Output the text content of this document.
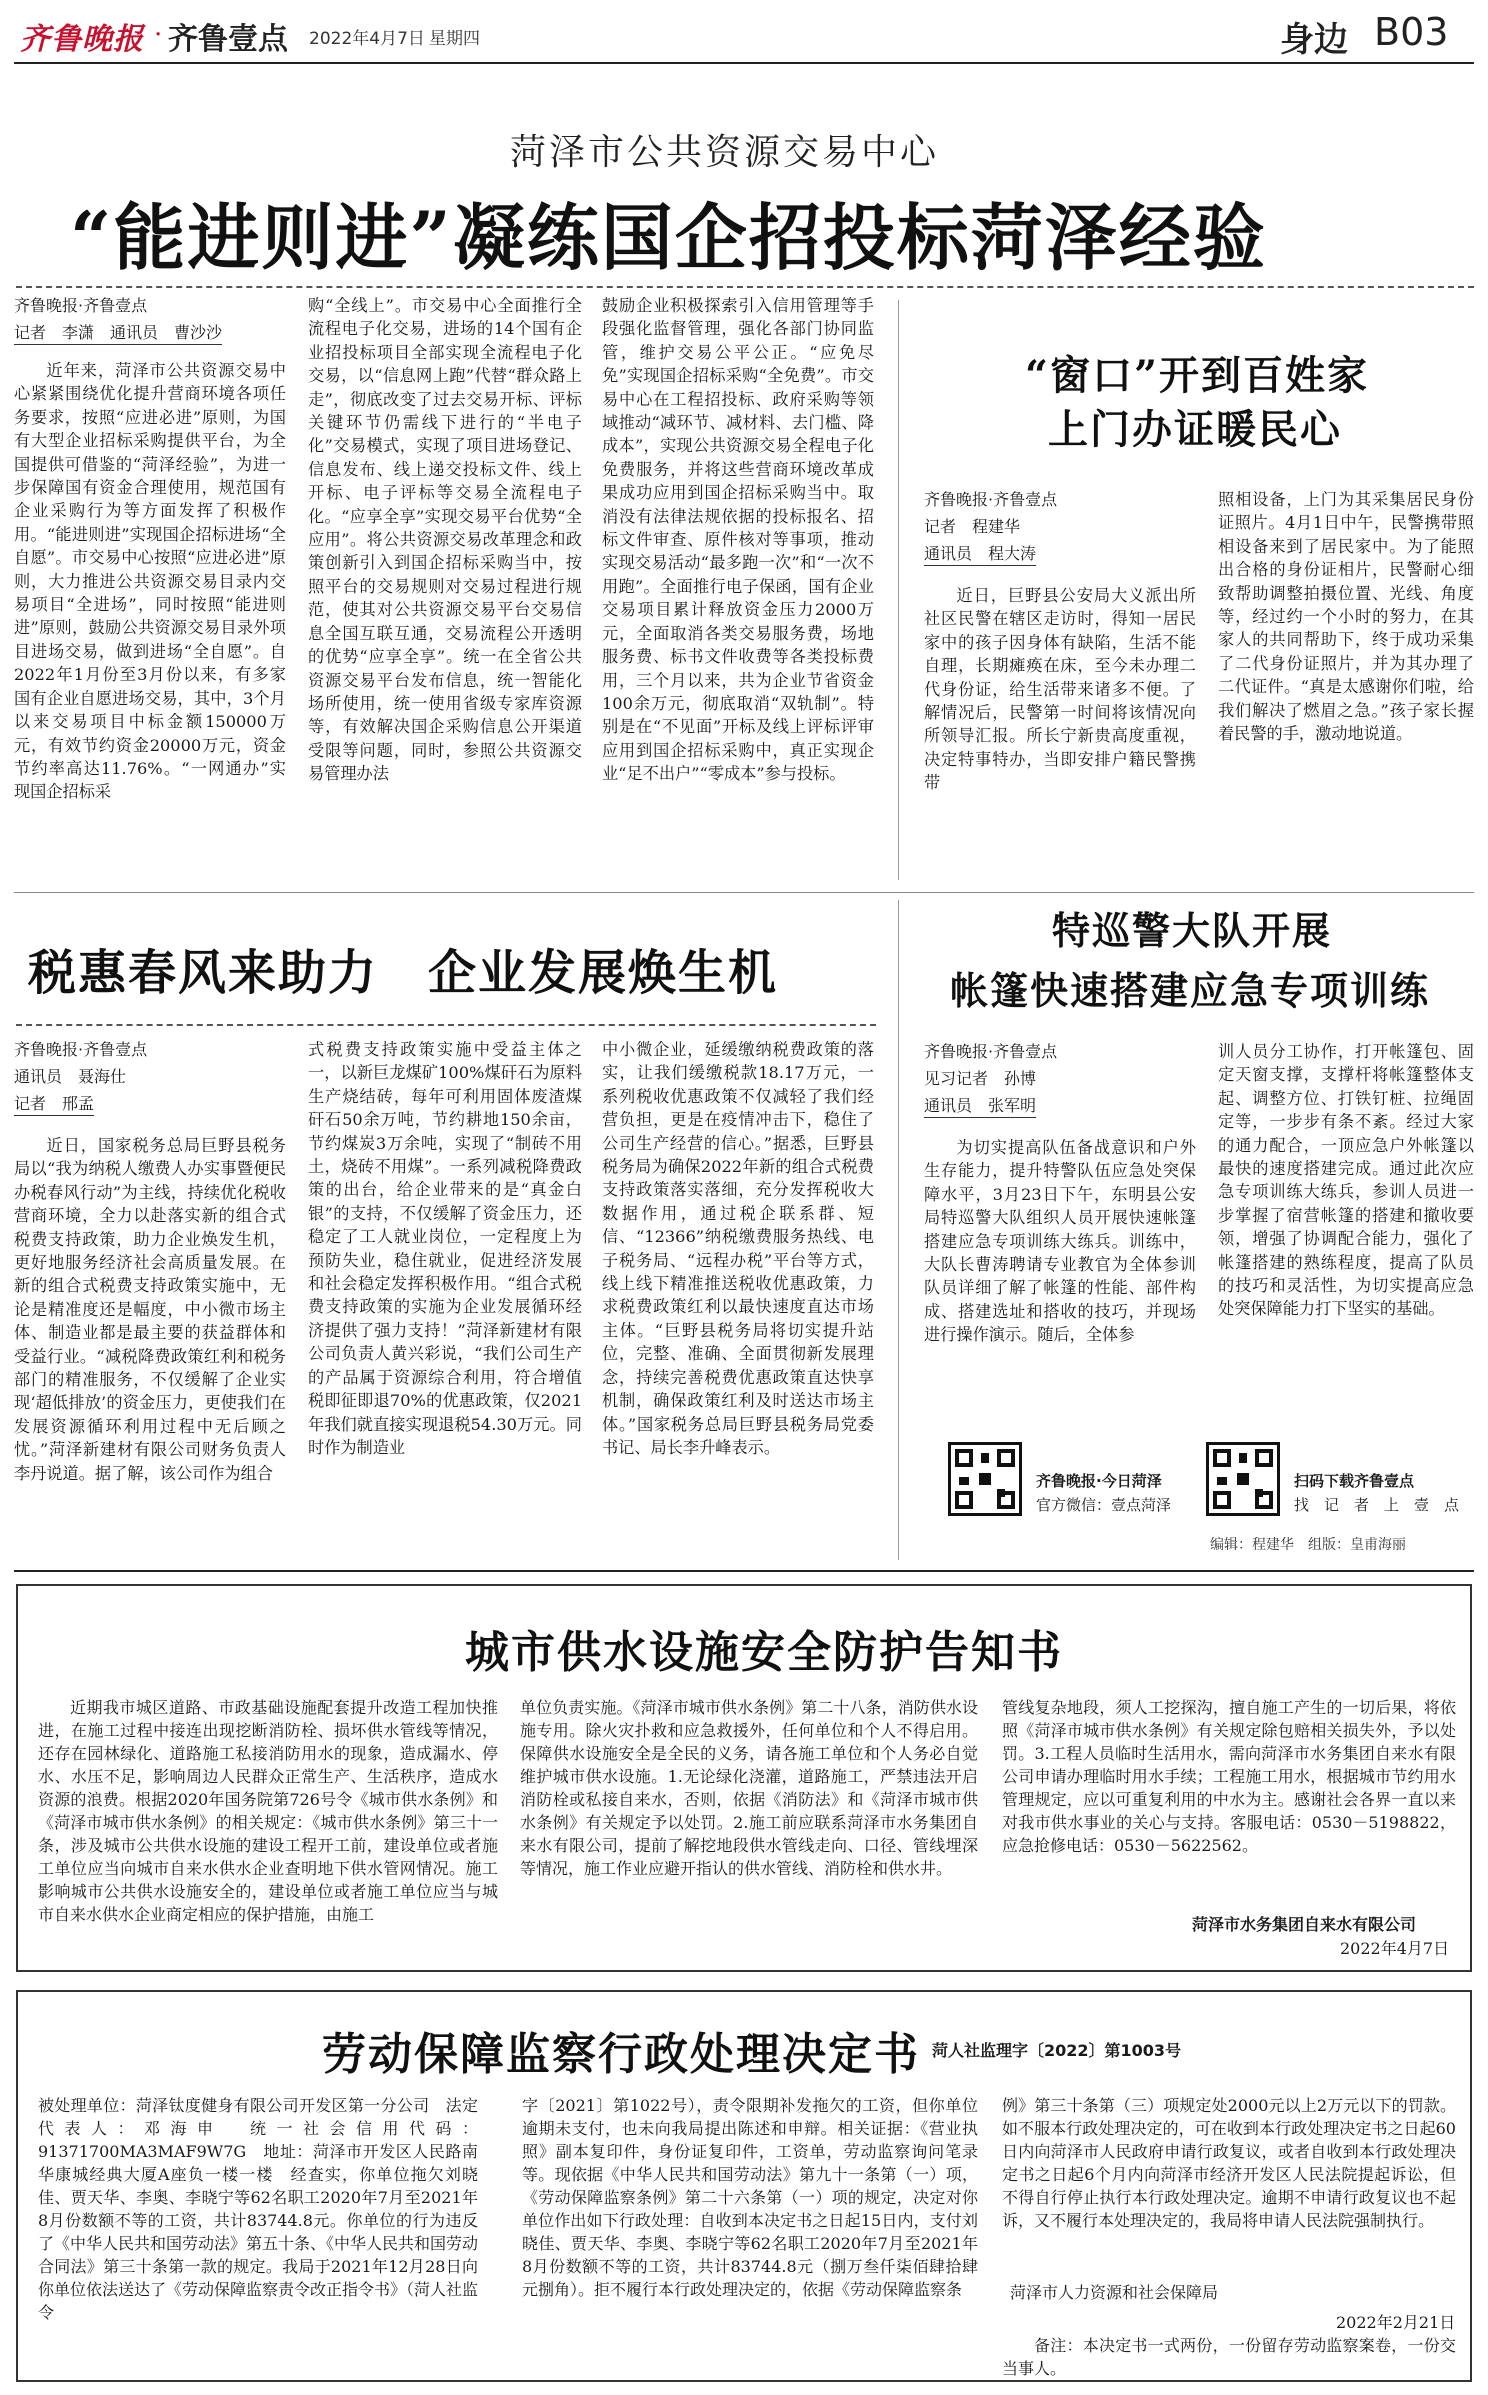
齐鲁晚报 · 齐鲁壹点 2022年4月7日 星期四	身边 B03
菏泽市公共资源交易中心
“能进则进”凝练国企招投标菏泽经验
齐鲁晚报·齐鲁壹点
记者　李潇　通讯员　曹沙沙

近年来，菏泽市公共资源交易中心紧紧围绕优化提升营商环境各项任务要求，按照“应进必进”原则，为国有大型企业招标采购提供平台，为全国提供可借鉴的“菏泽经验”，为进一步保障国有资金合理使用，规范国有企业采购行为等方面发挥了积极作用。“能进则进”实现国企招标进场“全自愿”。市交易中心按照“应进必进”原则，大力推进公共资源交易目录内交易项目“全进场”，同时按照“能进则进”原则，鼓励公共资源交易目录外项目进场交易，做到进场“全自愿”。自2022年1月份至3月份以来，有多家国有企业自愿进场交易，其中，3个月以来交易项目中标金额150000万元，有效节约资金20000万元，资金节约率高达11.76%。“一网通办”实现国企招标采

购“全线上”。市交易中心全面推行全流程电子化交易，进场的14个国有企业招投标项目全部实现全流程电子化交易，以“信息网上跑”代替“群众路上走”，彻底改变了过去交易开标、评标关键环节仍需线下进行的“半电子化”交易模式，实现了项目进场登记、信息发布、线上递交投标文件、线上开标、电子评标等交易全流程电子化。“应享全享”实现交易平台优势“全应用”。将公共资源交易改革理念和政策创新引入到国企招标采购当中，按照平台的交易规则对交易过程进行规范，使其对公共资源交易平台交易信息全国互联互通，交易流程公开透明的优势“应享全享”。统一在全省公共资源交易平台发布信息，统一智能化场所使用，统一使用省级专家库资源等，有效解决国企采购信息公开渠道受限等问题，同时，参照公共资源交易管理办法

鼓励企业积极探索引入信用管理等手段强化监督管理，强化各部门协同监管，维护交易公平公正。“应免尽免”实现国企招标采购“全免费”。市交易中心在工程招投标、政府采购等领域推动“减环节、减材料、去门槛、降成本”，实现公共资源交易全程电子化免费服务，并将这些营商环境改革成果成功应用到国企招标采购当中。取消没有法律法规依据的投标报名、招标文件审查、原件核对等事项，推动实现交易活动“最多跑一次”和“一次不用跑”。全面推行电子保函，国有企业交易项目累计释放资金压力2000万元，全面取消各类交易服务费，场地服务费、标书文件收费等各类投标费用，三个月以来，共为企业节省资金100余万元，彻底取消“双轨制”。特别是在“不见面”开标及线上评标评审应用到国企招标采购中，真正实现企业“足不出户”“零成本”参与投标。

“窗口”开到百姓家
上门办证暖民心
齐鲁晚报·齐鲁壹点
记者　程建华
通讯员　程大涛

近日，巨野县公安局大义派出所社区民警在辖区走访时，得知一居民家中的孩子因身体有缺陷，生活不能自理，长期瘫痪在床，至今未办理二代身份证，给生活带来诸多不便。了解情况后，民警第一时间将该情况向所领导汇报。所长宁新贵高度重视，决定特事特办，当即安排户籍民警携带

照相设备，上门为其采集居民身份证照片。4月1日中午，民警携带照相设备来到了居民家中。为了能照出合格的身份证相片，民警耐心细致帮助调整拍摄位置、光线、角度等，经过约一个小时的努力，在其家人的共同帮助下，终于成功采集了二代身份证照片，并为其办理了二代证件。“真是太感谢你们啦，给我们解决了燃眉之急。”孩子家长握着民警的手，激动地说道。

税惠春风来助力　企业发展焕生机
齐鲁晚报·齐鲁壹点
通讯员　聂海仕
记者　邢孟

近日，国家税务总局巨野县税务局以“我为纳税人缴费人办实事暨便民办税春风行动”为主线，持续优化税收营商环境，全力以赴落实新的组合式税费支持政策，助力企业焕发生机，更好地服务经济社会高质量发展。在新的组合式税费支持政策实施中，无论是精准度还是幅度，中小微市场主体、制造业都是最主要的获益群体和受益行业。“减税降费政策红利和税务部门的精准服务，不仅缓解了企业实现‘超低排放’的资金压力，更使我们在发展资源循环利用过程中无后顾之忧。”菏泽新建材有限公司财务负责人李丹说道。据了解，该公司作为组合

式税费支持政策实施中受益主体之一，以新巨龙煤矿100%煤矸石为原料生产烧结砖，每年可利用固体废渣煤矸石50余万吨，节约耕地150余亩，节约煤炭3万余吨，实现了“制砖不用土，烧砖不用煤”。一系列减税降费政策的出台，给企业带来的是“真金白银”的支持，不仅缓解了资金压力，还稳定了工人就业岗位，一定程度上为预防失业，稳住就业，促进经济发展和社会稳定发挥积极作用。“组合式税费支持政策的实施为企业发展循环经济提供了强力支持！”菏泽新建材有限公司负责人黄兴彩说，“我们公司生产的产品属于资源综合利用，符合增值税即征即退70%的优惠政策，仅2021年我们就直接实现退税54.30万元。同时作为制造业

中小微企业，延缓缴纳税费政策的落实，让我们缓缴税款18.17万元，一系列税收优惠政策不仅减轻了我们经营负担，更是在疫情冲击下，稳住了公司生产经营的信心。”据悉，巨野县税务局为确保2022年新的组合式税费支持政策落实落细，充分发挥税收大数据作用，通过税企联系群、短信、“12366”纳税缴费服务热线、电子税务局、“远程办税”平台等方式，线上线下精准推送税收优惠政策，力求税费政策红利以最快速度直达市场主体。“巨野县税务局将切实提升站位，完整、准确、全面贯彻新发展理念，持续完善税费优惠政策直达快享机制，确保政策红利及时送达市场主体。”国家税务总局巨野县税务局党委书记、局长李升峰表示。

特巡警大队开展
帐篷快速搭建应急专项训练
齐鲁晚报·齐鲁壹点
见习记者　孙博
通讯员　张军明

为切实提高队伍备战意识和户外生存能力，提升特警队伍应急处突保障水平，3月23日下午，东明县公安局特巡警大队组织人员开展快速帐篷搭建应急专项训练大练兵。训练中，大队长曹涛聘请专业教官为全体参训队员详细了解了帐篷的性能、部件构成、搭建选址和搭收的技巧，并现场进行操作演示。随后，全体参

训人员分工协作，打开帐篷包、固定天窗支撑，支撑杆将帐篷整体支起、调整方位、打铁钉桩、拉绳固定等，一步步有条不紊。经过大家的通力配合，一顶应急户外帐篷以最快的速度搭建完成。通过此次应急专项训练大练兵，参训人员进一步掌握了宿营帐篷的搭建和撤收要领，增强了协调配合能力，强化了帐篷搭建的熟练程度，提高了队员的技巧和灵活性，为切实提高应急处突保障能力打下坚实的基础。

齐鲁晚报·今日菏泽
官方微信：壹点菏泽
扫码下载齐鲁壹点
找　记　者　上　壹　点
编辑：程建华　组版：皇甫海丽
城市供水设施安全防护告知书

近期我市城区道路、市政基础设施配套提升改造工程加快推进，在施工过程中接连出现挖断消防栓、损坏供水管线等情况，还存在园林绿化、道路施工私接消防用水的现象，造成漏水、停水、水压不足，影响周边人民群众正常生产、生活秩序，造成水资源的浪费。根据2020年国务院第726号令《城市供水条例》和《菏泽市城市供水条例》的相关规定：《城市供水条例》第三十一条，涉及城市公共供水设施的建设工程开工前，建设单位或者施工单位应当向城市自来水供水企业查明地下供水管网情况。施工影响城市公共供水设施安全的，建设单位或者施工单位应当与城市自来水供水企业商定相应的保护措施，由施工

单位负责实施。《菏泽市城市供水条例》第二十八条，消防供水设施专用。除火灾扑救和应急救援外，任何单位和个人不得启用。保障供水设施安全是全民的义务，请各施工单位和个人务必自觉维护城市供水设施。1.无论绿化浇灌，道路施工，严禁违法开启消防栓或私接自来水，否则，依据《消防法》和《菏泽市城市供水条例》有关规定予以处罚。2.施工前应联系菏泽市水务集团自来水有限公司，提前了解挖地段供水管线走向、口径、管线埋深等情况，施工作业应避开指认的供水管线、消防栓和供水井。

管线复杂地段，须人工挖探沟，擅自施工产生的一切后果，将依照《菏泽市城市供水条例》有关规定除包赔相关损失外，予以处罚。3.工程人员临时生活用水，需向菏泽市水务集团自来水有限公司申请办理临时用水手续；工程施工用水，根据城市节约用水管理规定，应以可重复利用的中水为主。感谢社会各界一直以来对我市供水事业的关心与支持。客服电话：0530－5198822，应急抢修电话：0530－5622562。

菏泽市水务集团自来水有限公司
2022年4月7日
劳动保障监察行政处理决定书 菏人社监理字〔2022〕第1003号

被处理单位：菏泽钛度健身有限公司开发区第一分公司　法定代表人：邓海申　统一社会信用代码：91371700MA3MAF9W7G　地址：菏泽市开发区人民路南华康城经典大厦A座负一楼一楼　经查实，你单位拖欠刘晓佳、贾天华、李奥、李晓宁等62名职工2020年7月至2021年8月份数额不等的工资，共计83744.8元。你单位的行为违反了《中华人民共和国劳动法》第五十条、《中华人民共和国劳动合同法》第三十条第一款的规定。我局于2021年12月28日向你单位依法送达了《劳动保障监察责令改正指令书》（菏人社监令

字〔2021〕第1022号），责令限期补发拖欠的工资，但你单位逾期未支付，也未向我局提出陈述和申辩。相关证据：《营业执照》副本复印件，身份证复印件，工资单，劳动监察询问笔录等。现依据《中华人民共和国劳动法》第九十一条第（一）项，《劳动保障监察条例》第二十六条第（一）项的规定，决定对你单位作出如下行政处理：自收到本决定书之日起15日内，支付刘晓佳、贾天华、李奥、李晓宁等62名职工2020年7月至2021年8月份数额不等的工资，共计83744.8元（捌万叁仟柒佰肆拾肆元捌角）。拒不履行本行政处理决定的，依据《劳动保障监察条

例》第三十条第（三）项规定处2000元以上2万元以下的罚款。如不服本行政处理决定的，可在收到本行政处理决定书之日起60日内向菏泽市人民政府申请行政复议，或者自收到本行政处理决定书之日起6个月内向菏泽市经济开发区人民法院提起诉讼，但不得自行停止执行本行政处理决定。逾期不申请行政复议也不起诉，又不履行本处理决定的，我局将申请人民法院强制执行。

菏泽市人力资源和社会保障局
2022年2月21日

备注：本决定书一式两份，一份留存劳动监察案卷，一份交当事人。
